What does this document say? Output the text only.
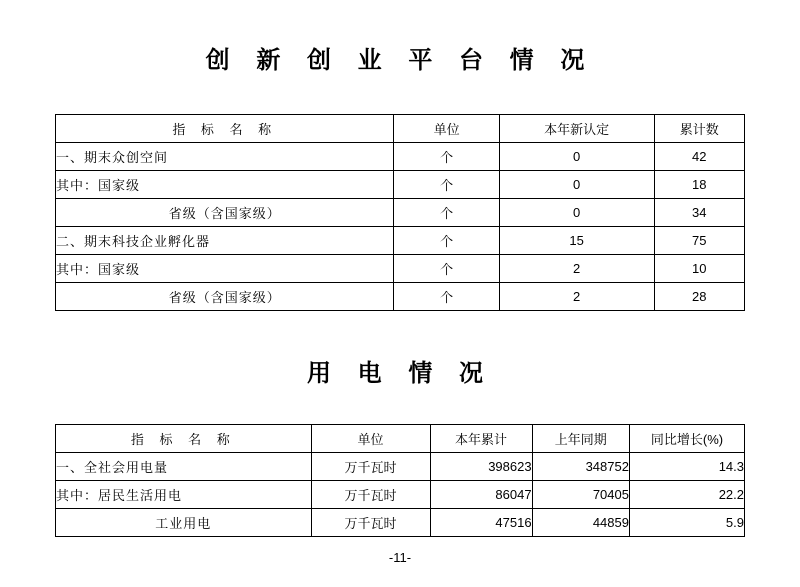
创 新 创 业 平 台 情 况
指 标 名 称	单位	本年新认定	累计数
一、期末众创空间	个	0	42
其中：国家级	个	0	18
省级（含国家级）	个	0	34
二、期末科技企业孵化器	个	15	75
其中：国家级	个	2	10
省级（含国家级）	个	2	28
用 电 情 况
指 标 名 称	单位	本年累计	上年同期	同比增长(%)
一、全社会用电量	万千瓦时	398623	348752	14.3
其中：居民生活用电	万千瓦时	86047	70405	22.2
工业用电	万千瓦时	47516	44859	5.9
-11-
